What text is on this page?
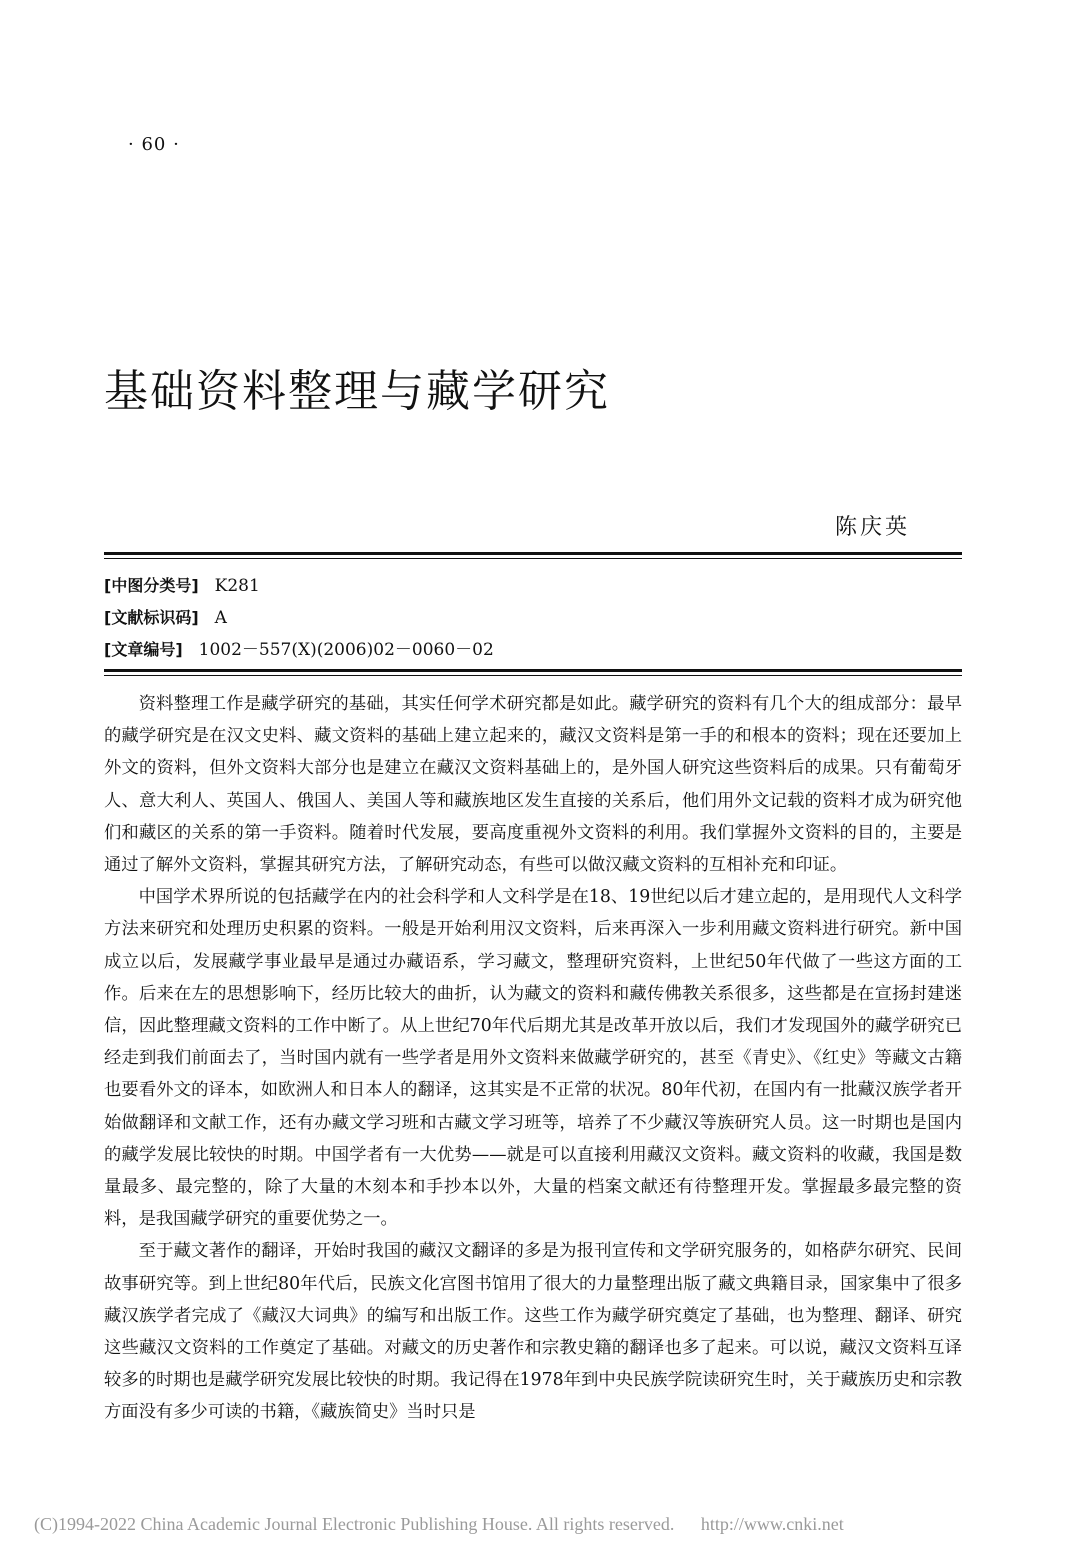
· 60 ·
基础资料整理与藏学研究
陈庆英
[中图分类号] K281
[文献标识码] A
[文章编号] 1002－557(X)(2006)02－0060－02

资料整理工作是藏学研究的基础，其实任何学术研究都是如此。藏学研究的资料有几个大的组成部分：最早的藏学研究是在汉文史料、藏文资料的基础上建立起来的，藏汉文资料是第一手的和根本的资料；现在还要加上外文的资料，但外文资料大部分也是建立在藏汉文资料基础上的，是外国人研究这些资料后的成果。只有葡萄牙人、意大利人、英国人、俄国人、美国人等和藏族地区发生直接的关系后，他们用外文记载的资料才成为研究他们和藏区的关系的第一手资料。随着时代发展，要高度重视外文资料的利用。我们掌握外文资料的目的，主要是通过了解外文资料，掌握其研究方法，了解研究动态，有些可以做汉藏文资料的互相补充和印证。

中国学术界所说的包括藏学在内的社会科学和人文科学是在18、19世纪以后才建立起的，是用现代人文科学方法来研究和处理历史积累的资料。一般是开始利用汉文资料，后来再深入一步利用藏文资料进行研究。新中国成立以后，发展藏学事业最早是通过办藏语系，学习藏文，整理研究资料，上世纪50年代做了一些这方面的工作。后来在左的思想影响下，经历比较大的曲折，认为藏文的资料和藏传佛教关系很多，这些都是在宣扬封建迷信，因此整理藏文资料的工作中断了。从上世纪70年代后期尤其是改革开放以后，我们才发现国外的藏学研究已经走到我们前面去了，当时国内就有一些学者是用外文资料来做藏学研究的，甚至《青史》、《红史》等藏文古籍也要看外文的译本，如欧洲人和日本人的翻译，这其实是不正常的状况。80年代初，在国内有一批藏汉族学者开始做翻译和文献工作，还有办藏文学习班和古藏文学习班等，培养了不少藏汉等族研究人员。这一时期也是国内的藏学发展比较快的时期。中国学者有一大优势——就是可以直接利用藏汉文资料。藏文资料的收藏，我国是数量最多、最完整的，除了大量的木刻本和手抄本以外，大量的档案文献还有待整理开发。掌握最多最完整的资料，是我国藏学研究的重要优势之一。

至于藏文著作的翻译，开始时我国的藏汉文翻译的多是为报刊宣传和文学研究服务的，如格萨尔研究、民间故事研究等。到上世纪80年代后，民族文化宫图书馆用了很大的力量整理出版了藏文典籍目录，国家集中了很多藏汉族学者完成了《藏汉大词典》的编写和出版工作。这些工作为藏学研究奠定了基础，也为整理、翻译、研究这些藏汉文资料的工作奠定了基础。对藏文的历史著作和宗教史籍的翻译也多了起来。可以说，藏汉文资料互译较多的时期也是藏学研究发展比较快的时期。我记得在1978年到中央民族学院读研究生时，关于藏族历史和宗教方面没有多少可读的书籍，《藏族简史》当时只是

(C)1994-2022 China Academic Journal Electronic Publishing House. All rights reserved. http://www.cnki.net
